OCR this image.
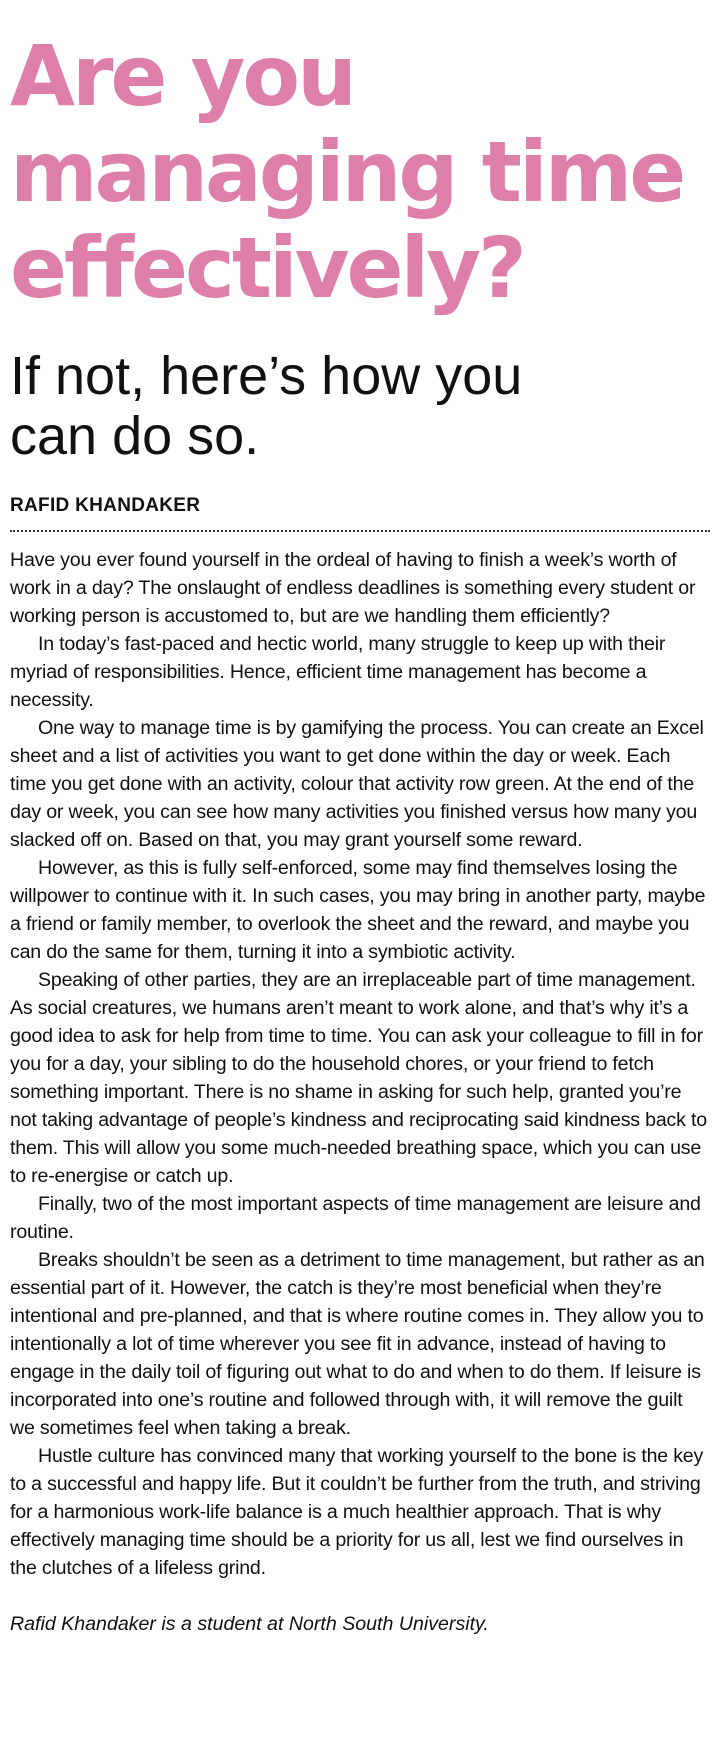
Are you managing time effectively?
If not, here’s how you can do so.
RAFID KHANDAKER

Have you ever found yourself in the ordeal of having to finish a week’s worth of work in a day? The onslaught of endless deadlines is something every student or working person is accustomed to, but are we handling them efficiently?

In today’s fast-paced and hectic world, many struggle to keep up with their myriad of responsibilities. Hence, efficient time management has become a necessity.

One way to manage time is by gamifying the process. You can create an Excel sheet and a list of activities you want to get done within the day or week. Each time you get done with an activity, colour that activity row green. At the end of the day or week, you can see how many activities you finished versus how many you slacked off on. Based on that, you may grant yourself some reward.

However, as this is fully self-enforced, some may find themselves losing the willpower to continue with it. In such cases, you may bring in another party, maybe a friend or family member, to overlook the sheet and the reward, and maybe you can do the same for them, turning it into a symbiotic activity.

Speaking of other parties, they are an irreplaceable part of time management. As social creatures, we humans aren’t meant to work alone, and that’s why it’s a good idea to ask for help from time to time. You can ask your colleague to fill in for you for a day, your sibling to do the household chores, or your friend to fetch something important. There is no shame in asking for such help, granted you’re not taking advantage of people’s kindness and reciprocating said kindness back to them. This will allow you some much-needed breathing space, which you can use to re-energise or catch up.

Finally, two of the most important aspects of time management are leisure and routine.

Breaks shouldn’t be seen as a detriment to time management, but rather as an essential part of it. However, the catch is they’re most beneficial when they’re intentional and pre-planned, and that is where routine comes in. They allow you to intentionally a lot of time wherever you see fit in advance, instead of having to engage in the daily toil of figuring out what to do and when to do them. If leisure is incorporated into one’s routine and followed through with, it will remove the guilt we sometimes feel when taking a break.

Hustle culture has convinced many that working yourself to the bone is the key to a successful and happy life. But it couldn’t be further from the truth, and striving for a harmonious work-life balance is a much healthier approach. That is why effectively managing time should be a priority for us all, lest we find ourselves in the clutches of a lifeless grind.

Rafid Khandaker is a student at North South University.
